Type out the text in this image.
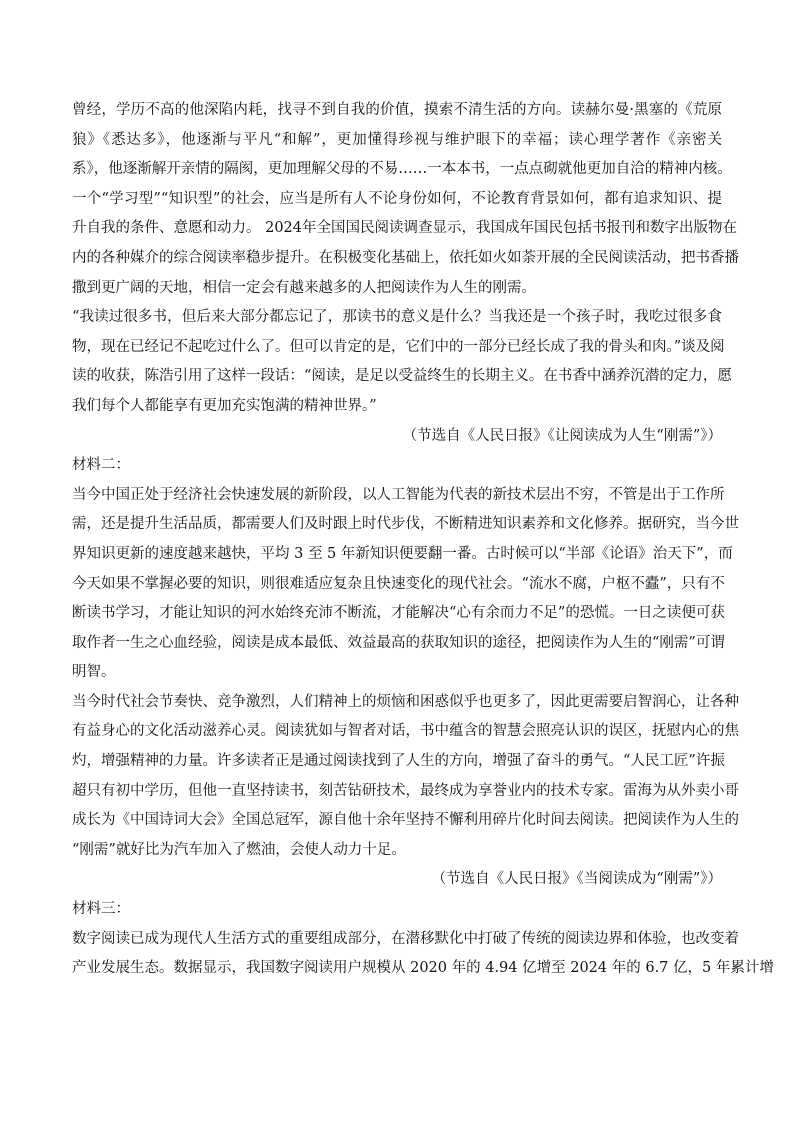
曾经，学历不高的他深陷内耗，找寻不到自我的价值，摸索不清生活的方向。读赫尔曼·黑塞的《荒原
狼》《悉达多》，他逐渐与平凡“和解”，更加懂得珍视与维护眼下的幸福；读心理学著作《亲密关
系》，他逐渐解开亲情的隔阂，更加理解父母的不易……一本本书，一点点砌就他更加自洽的精神内核。
一个“学习型”“知识型”的社会，应当是所有人不论身份如何，不论教育背景如何，都有追求知识、提
升自我的条件、意愿和动力。 2024年全国国民阅读调查显示，我国成年国民包括书报刊和数字出版物在
内的各种媒介的综合阅读率稳步提升。在积极变化基础上，依托如火如荼开展的全民阅读活动，把书香播
撒到更广阔的天地，相信一定会有越来越多的人把阅读作为人生的刚需。
“我读过很多书，但后来大部分都忘记了，那读书的意义是什么？当我还是一个孩子时，我吃过很多食
物，现在已经记不起吃过什么了。但可以肯定的是，它们中的一部分已经长成了我的骨头和肉。”谈及阅
读的收获，陈浩引用了这样一段话：“阅读，是足以受益终生的长期主义。在书香中涵养沉潜的定力，愿
我们每个人都能享有更加充实饱满的精神世界。”
（节选自《人民日报》《让阅读成为人生“刚需”》）
材料二：
当今中国正处于经济社会快速发展的新阶段，以人工智能为代表的新技术层出不穷，不管是出于工作所
需，还是提升生活品质，都需要人们及时跟上时代步伐，不断精进知识素养和文化修养。据研究，当今世
界知识更新的速度越来越快，平均 3 至 5 年新知识便要翻一番。古时候可以“半部《论语》治天下”，而
今天如果不掌握必要的知识，则很难适应复杂且快速变化的现代社会。“流水不腐，户枢不蠹”，只有不
断读书学习，才能让知识的河水始终充沛不断流，才能解决“心有余而力不足”的恐慌。一日之读便可获
取作者一生之心血经验，阅读是成本最低、效益最高的获取知识的途径，把阅读作为人生的“刚需”可谓
明智。
当今时代社会节奏快、竞争激烈，人们精神上的烦恼和困惑似乎也更多了，因此更需要启智润心，让各种
有益身心的文化活动滋养心灵。阅读犹如与智者对话，书中蕴含的智慧会照亮认识的误区，抚慰内心的焦
灼，增强精神的力量。许多读者正是通过阅读找到了人生的方向，增强了奋斗的勇气。“人民工匠”许振
超只有初中学历，但他一直坚持读书，刻苦钻研技术，最终成为享誉业内的技术专家。雷海为从外卖小哥
成长为《中国诗词大会》全国总冠军，源自他十余年坚持不懈利用碎片化时间去阅读。把阅读作为人生的
“刚需”就好比为汽车加入了燃油，会使人动力十足。
（节选自《人民日报》《当阅读成为“刚需”》）
材料三：
数字阅读已成为现代人生活方式的重要组成部分，在潜移默化中打破了传统的阅读边界和体验，也改变着
产业发展生态。数据显示，我国数字阅读用户规模从 2020 年的 4.94 亿增至 2024 年的 6.7 亿，5 年累计增
